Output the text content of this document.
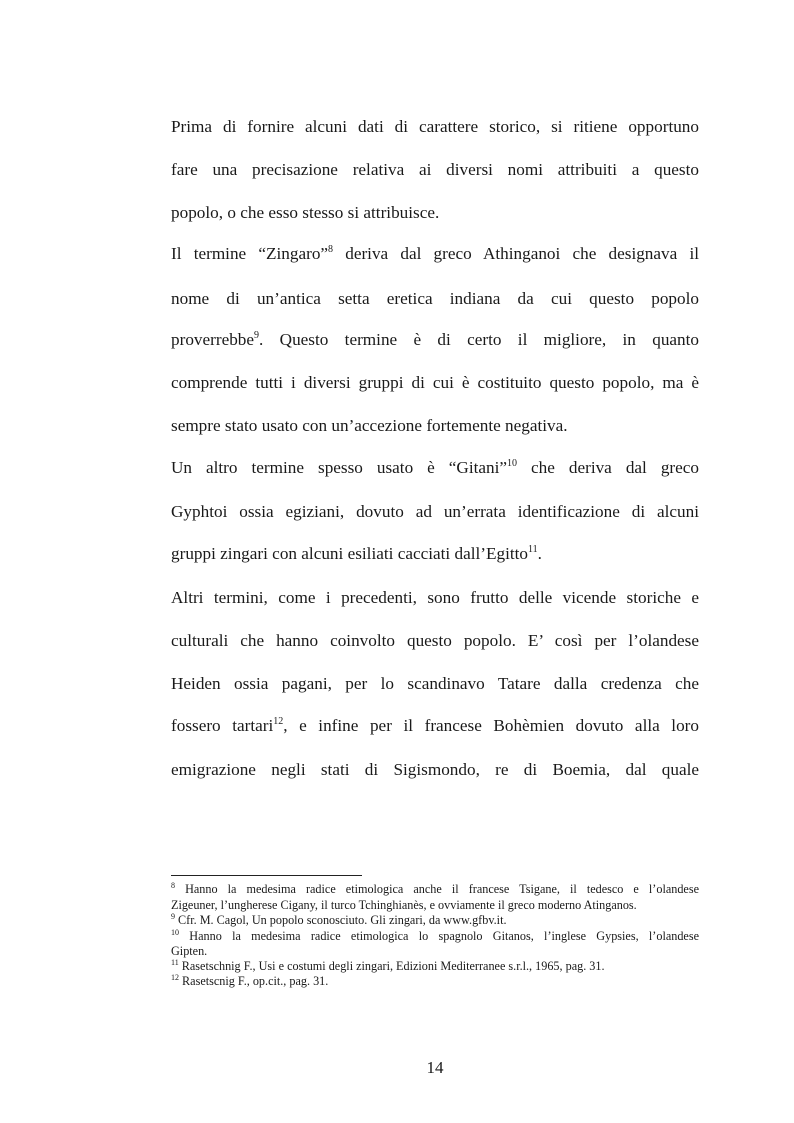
Prima di fornire alcuni dati di carattere storico, si ritiene opportuno
fare una precisazione relativa ai diversi nomi attribuiti a questo
popolo, o che esso stesso si attribuisce.
Il termine “Zingaro”$^8$ deriva dal greco Athinganoi che designava il
nome di un’antica setta eretica indiana da cui questo popolo
proverrebbe$^9$. Questo termine è di certo il migliore, in quanto
comprende tutti i diversi gruppi di cui è costituito questo popolo, ma è
sempre stato usato con un’accezione fortemente negativa.
Un altro termine spesso usato è “Gitani”$^{10}$ che deriva dal greco
Gyphtoi ossia egiziani, dovuto ad un’errata identificazione di alcuni
gruppi zingari con alcuni esiliati cacciati dall’Egitto$^{11}$.
Altri termini, come i precedenti, sono frutto delle vicende storiche e
culturali che hanno coinvolto questo popolo. E’ così per l’olandese
Heiden ossia pagani, per lo scandinavo Tatare dalla credenza che
fossero tartari$^{12}$, e infine per il francese Bohèmien dovuto alla loro
emigrazione negli stati di Sigismondo, re di Boemia, dal quale
$^8$ Hanno la medesima radice etimologica anche il francese Tsigane, il tedesco e l’olandese
Zigeuner, l’ungherese Cigany, il turco Tchinghianès, e ovviamente il greco moderno Atinganos.
$^9$ Cfr. M. Cagol, Un popolo sconosciuto. Gli zingari, da www.gfbv.it.
$^{10}$ Hanno la medesima radice etimologica lo spagnolo Gitanos, l’inglese Gypsies, l’olandese
Gipten.
$^{11}$ Rasetschnig F., Usi e costumi degli zingari, Edizioni Mediterranee s.r.l., 1965, pag. 31.
$^{12}$ Rasetscnig F., op.cit., pag. 31.
14
